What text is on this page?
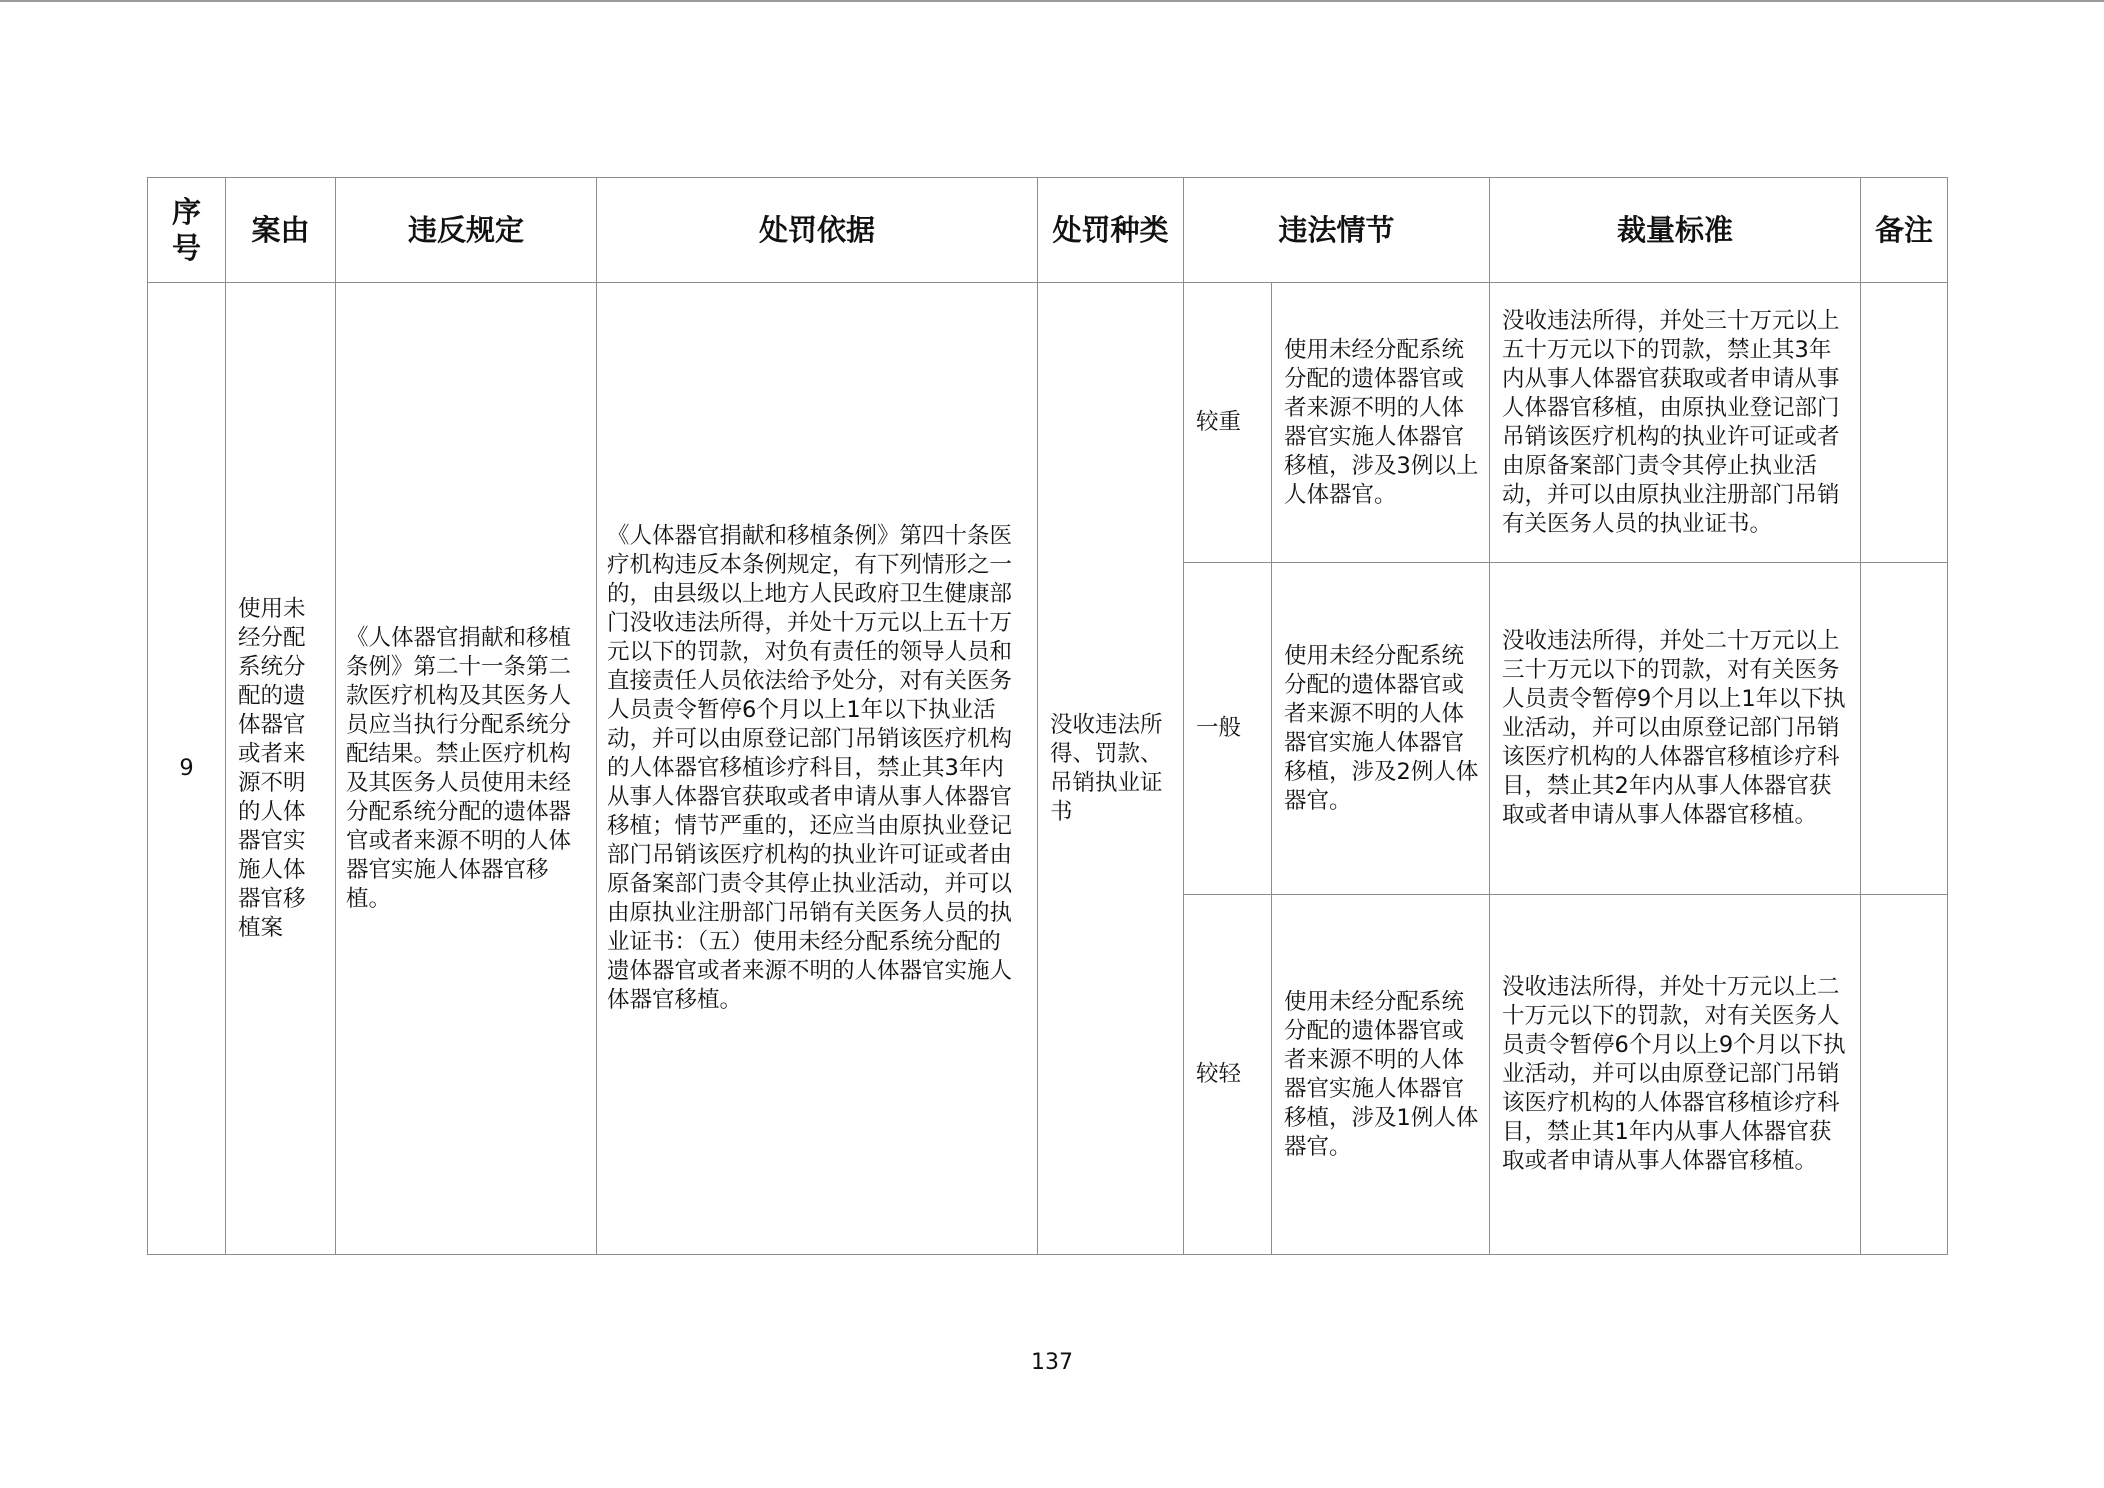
序
号	案由	违反规定	处罚依据	处罚种类	违法情节		裁量标准	备注
9	使用未经分配系统分配的遗体器官或者来源不明的人体器官实施人体器官移植案	《人体器官捐献和移植条例》第二十一条第二款医疗机构及其医务人员应当执行分配系统分配结果。禁止医疗机构及其医务人员使用未经分配系统分配的遗体器官或者来源不明的人体器官实施人体器官移植。	《人体器官捐献和移植条例》第四十条医疗机构违反本条例规定，有下列情形之一的，由县级以上地方人民政府卫生健康部门没收违法所得，并处十万元以上五十万元以下的罚款，对负有责任的领导人员和直接责任人员依法给予处分，对有关医务人员责令暂停6个月以上1年以下执业活动，并可以由原登记部门吊销该医疗机构的人体器官移植诊疗科目，禁止其3年内从事人体器官获取或者申请从事人体器官移植；情节严重的，还应当由原执业登记部门吊销该医疗机构的执业许可证或者由原备案部门责令其停止执业活动，并可以由原执业注册部门吊销有关医务人员的执业证书：（五）使用未经分配系统分配的遗体器官或者来源不明的人体器官实施人体器官移植。	没收违法所得、罚款、吊销执业证书	较重	使用未经分配系统分配的遗体器官或者来源不明的人体器官实施人体器官移植，涉及3例以上人体器官。	没收违法所得，并处三十万元以上五十万元以下的罚款，禁止其3年内从事人体器官获取或者申请从事人体器官移植，由原执业登记部门吊销该医疗机构的执业许可证或者由原备案部门责令其停止执业活动，并可以由原执业注册部门吊销有关医务人员的执业证书。	
					一般	使用未经分配系统分配的遗体器官或者来源不明的人体器官实施人体器官移植，涉及2例人体器官。	没收违法所得，并处二十万元以上三十万元以下的罚款，对有关医务人员责令暂停9个月以上1年以下执业活动，并可以由原登记部门吊销该医疗机构的人体器官移植诊疗科目，禁止其2年内从事人体器官获取或者申请从事人体器官移植。	
					较轻	使用未经分配系统分配的遗体器官或者来源不明的人体器官实施人体器官移植，涉及1例人体器官。	没收违法所得，并处十万元以上二十万元以下的罚款，对有关医务人员责令暂停6个月以上9个月以下执业活动，并可以由原登记部门吊销该医疗机构的人体器官移植诊疗科目，禁止其1年内从事人体器官获取或者申请从事人体器官移植。	
137
